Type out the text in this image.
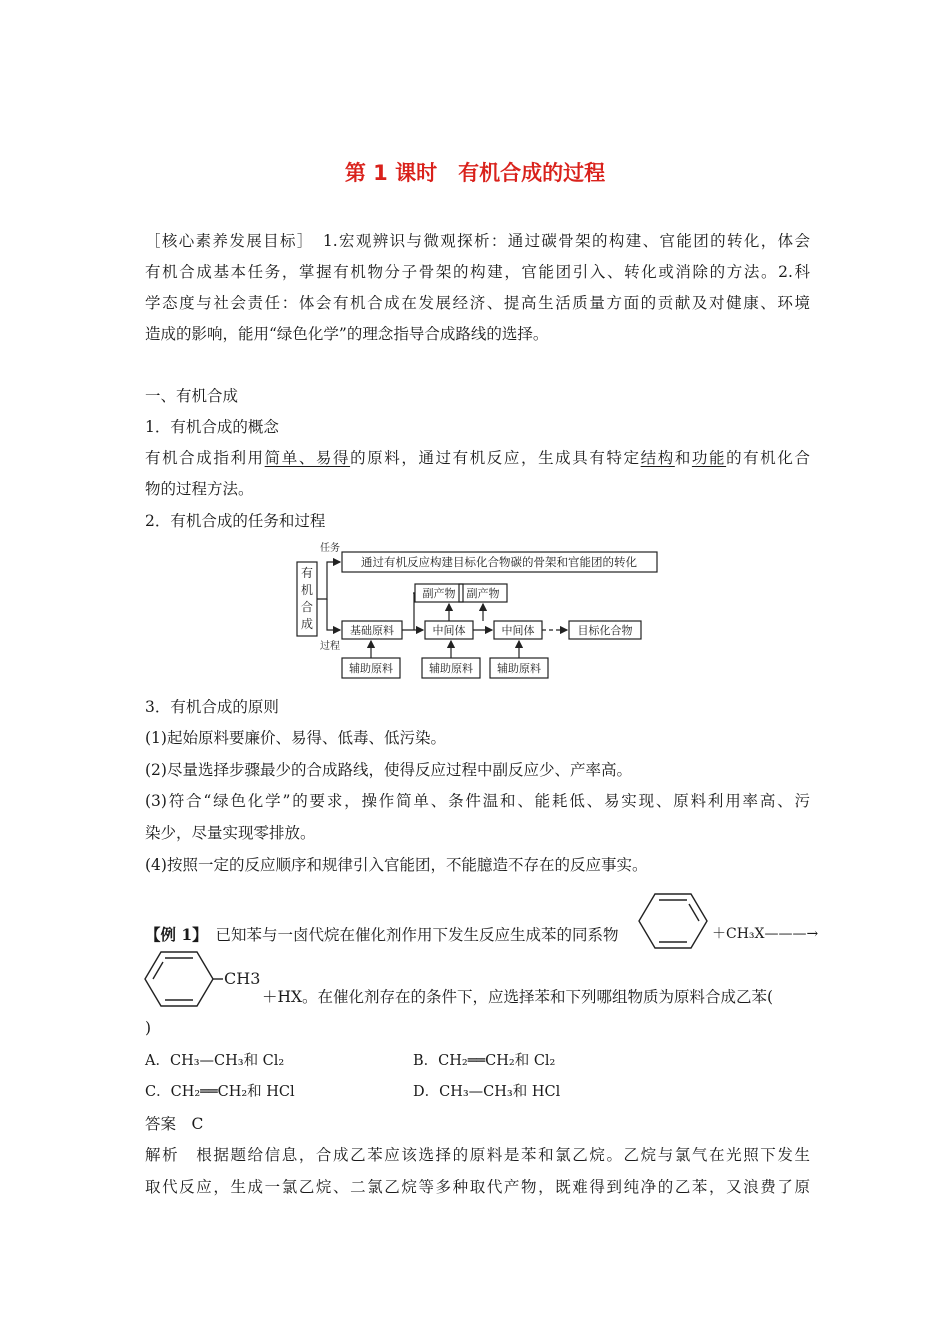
第 1 课时　有机合成的过程
［核心素养发展目标］　1.宏观辨识与微观探析：通过碳骨架的构建、官能团的转化，体会
有机合成基本任务，掌握有机物分子骨架的构建，官能团引入、转化或消除的方法。2.科
学态度与社会责任：体会有机合成在发展经济、提高生活质量方面的贡献及对健康、环境
造成的影响，能用“绿色化学”的理念指导合成路线的选择。
一、有机合成
1．有机合成的概念
有机合成指利用简单、易得的原料，通过有机反应，生成具有特定结构和功能的有机化合
物的过程方法。
2．有机合成的任务和过程
有
机
合
成
任务
过程
通过有机反应构建目标化合物碳的骨架和官能团的转化
基础原料	中间体	中间体	目标化合物
副产物 副产物
辅助原料	辅助原料 辅助原料
3．有机合成的原则
(1)起始原料要廉价、易得、低毒、低污染。
(2)尽量选择步骤最少的合成路线，使得反应过程中副反应少、产率高。
(3)符合“绿色化学”的要求，操作简单、条件温和、能耗低、易实现、原料利用率高、污
染少，尽量实现零排放。
(4)按照一定的反应顺序和规律引入官能团，不能臆造不存在的反应事实。
【例 1】　 已知苯与一卤代烷在催化剂作用下发生反应生成苯的同系物	＋CH₃X———→
CH3
＋HX。在催化剂存在的条件下，应选择苯和下列哪组物质为原料合成乙苯(
)
A．CH₃—CH₃和 Cl₂	B．CH₂══CH₂和 Cl₂
C．CH₂══CH₂和 HCl	D．CH₃—CH₃和 HCl
答案　 C
解析　 根据题给信息，合成乙苯应该选择的原料是苯和氯乙烷。乙烷与氯气在光照下发生
取代反应，生成一氯乙烷、二氯乙烷等多种取代产物，既难得到纯净的乙苯，又浪费了原
